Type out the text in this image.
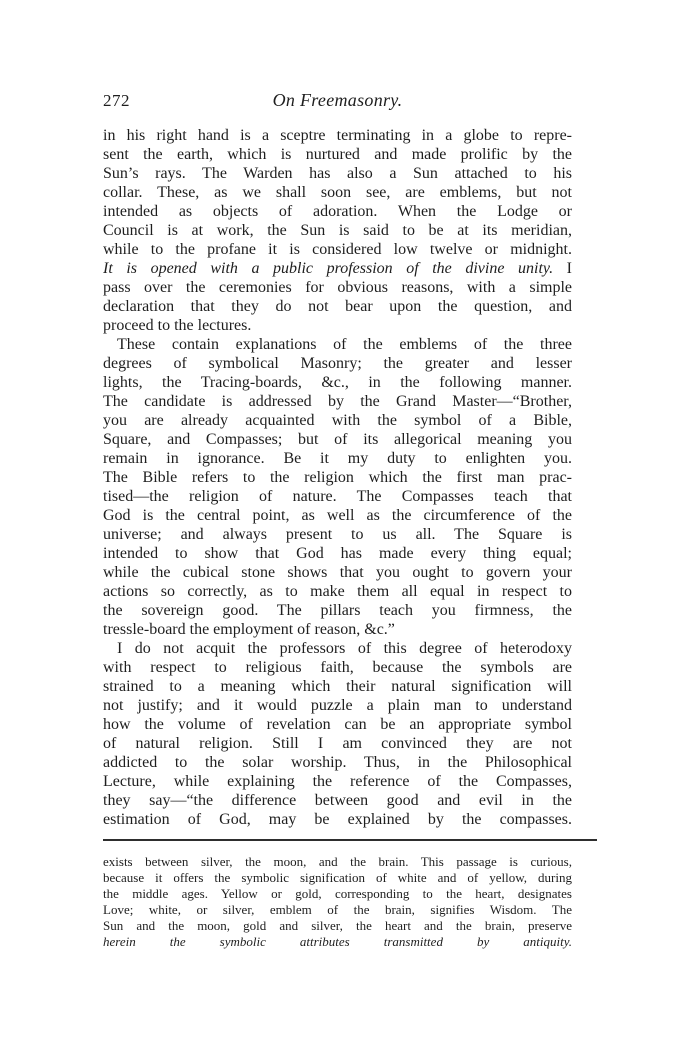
272	On Freemasonry.
in his right hand is a sceptre terminating in a globe to repre-
sent the earth, which is nurtured and made prolific by the
Sun’s rays. The Warden has also a Sun attached to his
collar. These, as we shall soon see, are emblems, but not
intended as objects of adoration. When the Lodge or
Council is at work, the Sun is said to be at its meridian,
while to the profane it is considered low twelve or midnight.
It is opened with a public profession of the divine unity. I
pass over the ceremonies for obvious reasons, with a simple
declaration that they do not bear upon the question, and
proceed to the lectures.
These contain explanations of the emblems of the three
degrees of symbolical Masonry; the greater and lesser
lights, the Tracing-boards, &c., in the following manner.
The candidate is addressed by the Grand Master—“Brother,
you are already acquainted with the symbol of a Bible,
Square, and Compasses; but of its allegorical meaning you
remain in ignorance. Be it my duty to enlighten you.
The Bible refers to the religion which the first man prac-
tised—the religion of nature. The Compasses teach that
God is the central point, as well as the circumference of the
universe; and always present to us all. The Square is
intended to show that God has made every thing equal;
while the cubical stone shows that you ought to govern your
actions so correctly, as to make them all equal in respect to
the sovereign good. The pillars teach you firmness, the
tressle-board the employment of reason, &c.”
I do not acquit the professors of this degree of heterodoxy
with respect to religious faith, because the symbols are
strained to a meaning which their natural signification will
not justify; and it would puzzle a plain man to understand
how the volume of revelation can be an appropriate symbol
of natural religion. Still I am convinced they are not
addicted to the solar worship. Thus, in the Philosophical
Lecture, while explaining the reference of the Compasses,
they say—“the difference between good and evil in the
estimation of God, may be explained by the compasses.
exists between silver, the moon, and the brain. This passage is curious,
because it offers the symbolic signification of white and of yellow, during
the middle ages. Yellow or gold, corresponding to the heart, designates
Love; white, or silver, emblem of the brain, signifies Wisdom. The
Sun and the moon, gold and silver, the heart and the brain, preserve
herein the symbolic attributes transmitted by antiquity.
